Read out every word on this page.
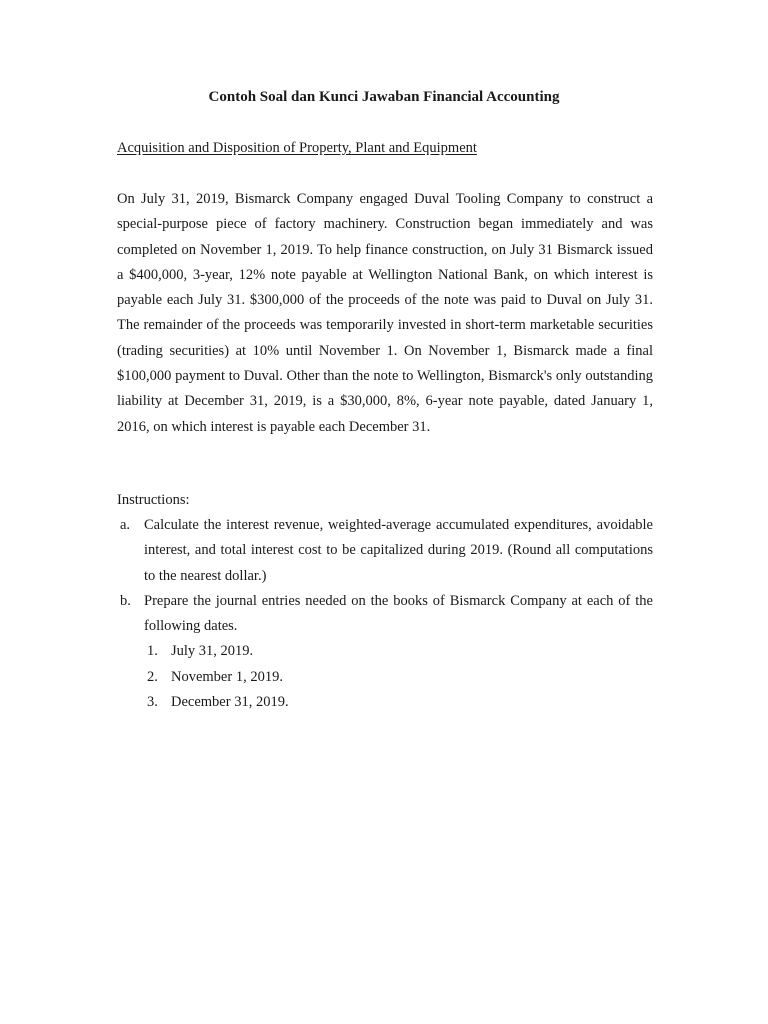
Contoh Soal dan Kunci Jawaban Financial Accounting
Acquisition and Disposition of Property, Plant and Equipment

On July 31, 2019, Bismarck Company engaged Duval Tooling Company to construct a special-purpose piece of factory machinery. Construction began immediately and was completed on November 1, 2019. To help finance construction, on July 31 Bismarck issued a $400,000, 3-year, 12% note payable at Wellington National Bank, on which interest is payable each July 31. $300,000 of the proceeds of the note was paid to Duval on July 31. The remainder of the proceeds was temporarily invested in short-term marketable securities (trading securities) at 10% until November 1. On November 1, Bismarck made a final $100,000 payment to Duval. Other than the note to Wellington, Bismarck's only outstanding liability at December 31, 2019, is a $30,000, 8%, 6-year note payable, dated January 1, 2016, on which interest is payable each December 31.

Instructions:
a. Calculate the interest revenue, weighted-average accumulated expenditures, avoidable interest, and total interest cost to be capitalized during 2019. (Round all computations to the nearest dollar.)
b. Prepare the journal entries needed on the books of Bismarck Company at each of the following dates.
1. July 31, 2019.
2. November 1, 2019.
3. December 31, 2019.
